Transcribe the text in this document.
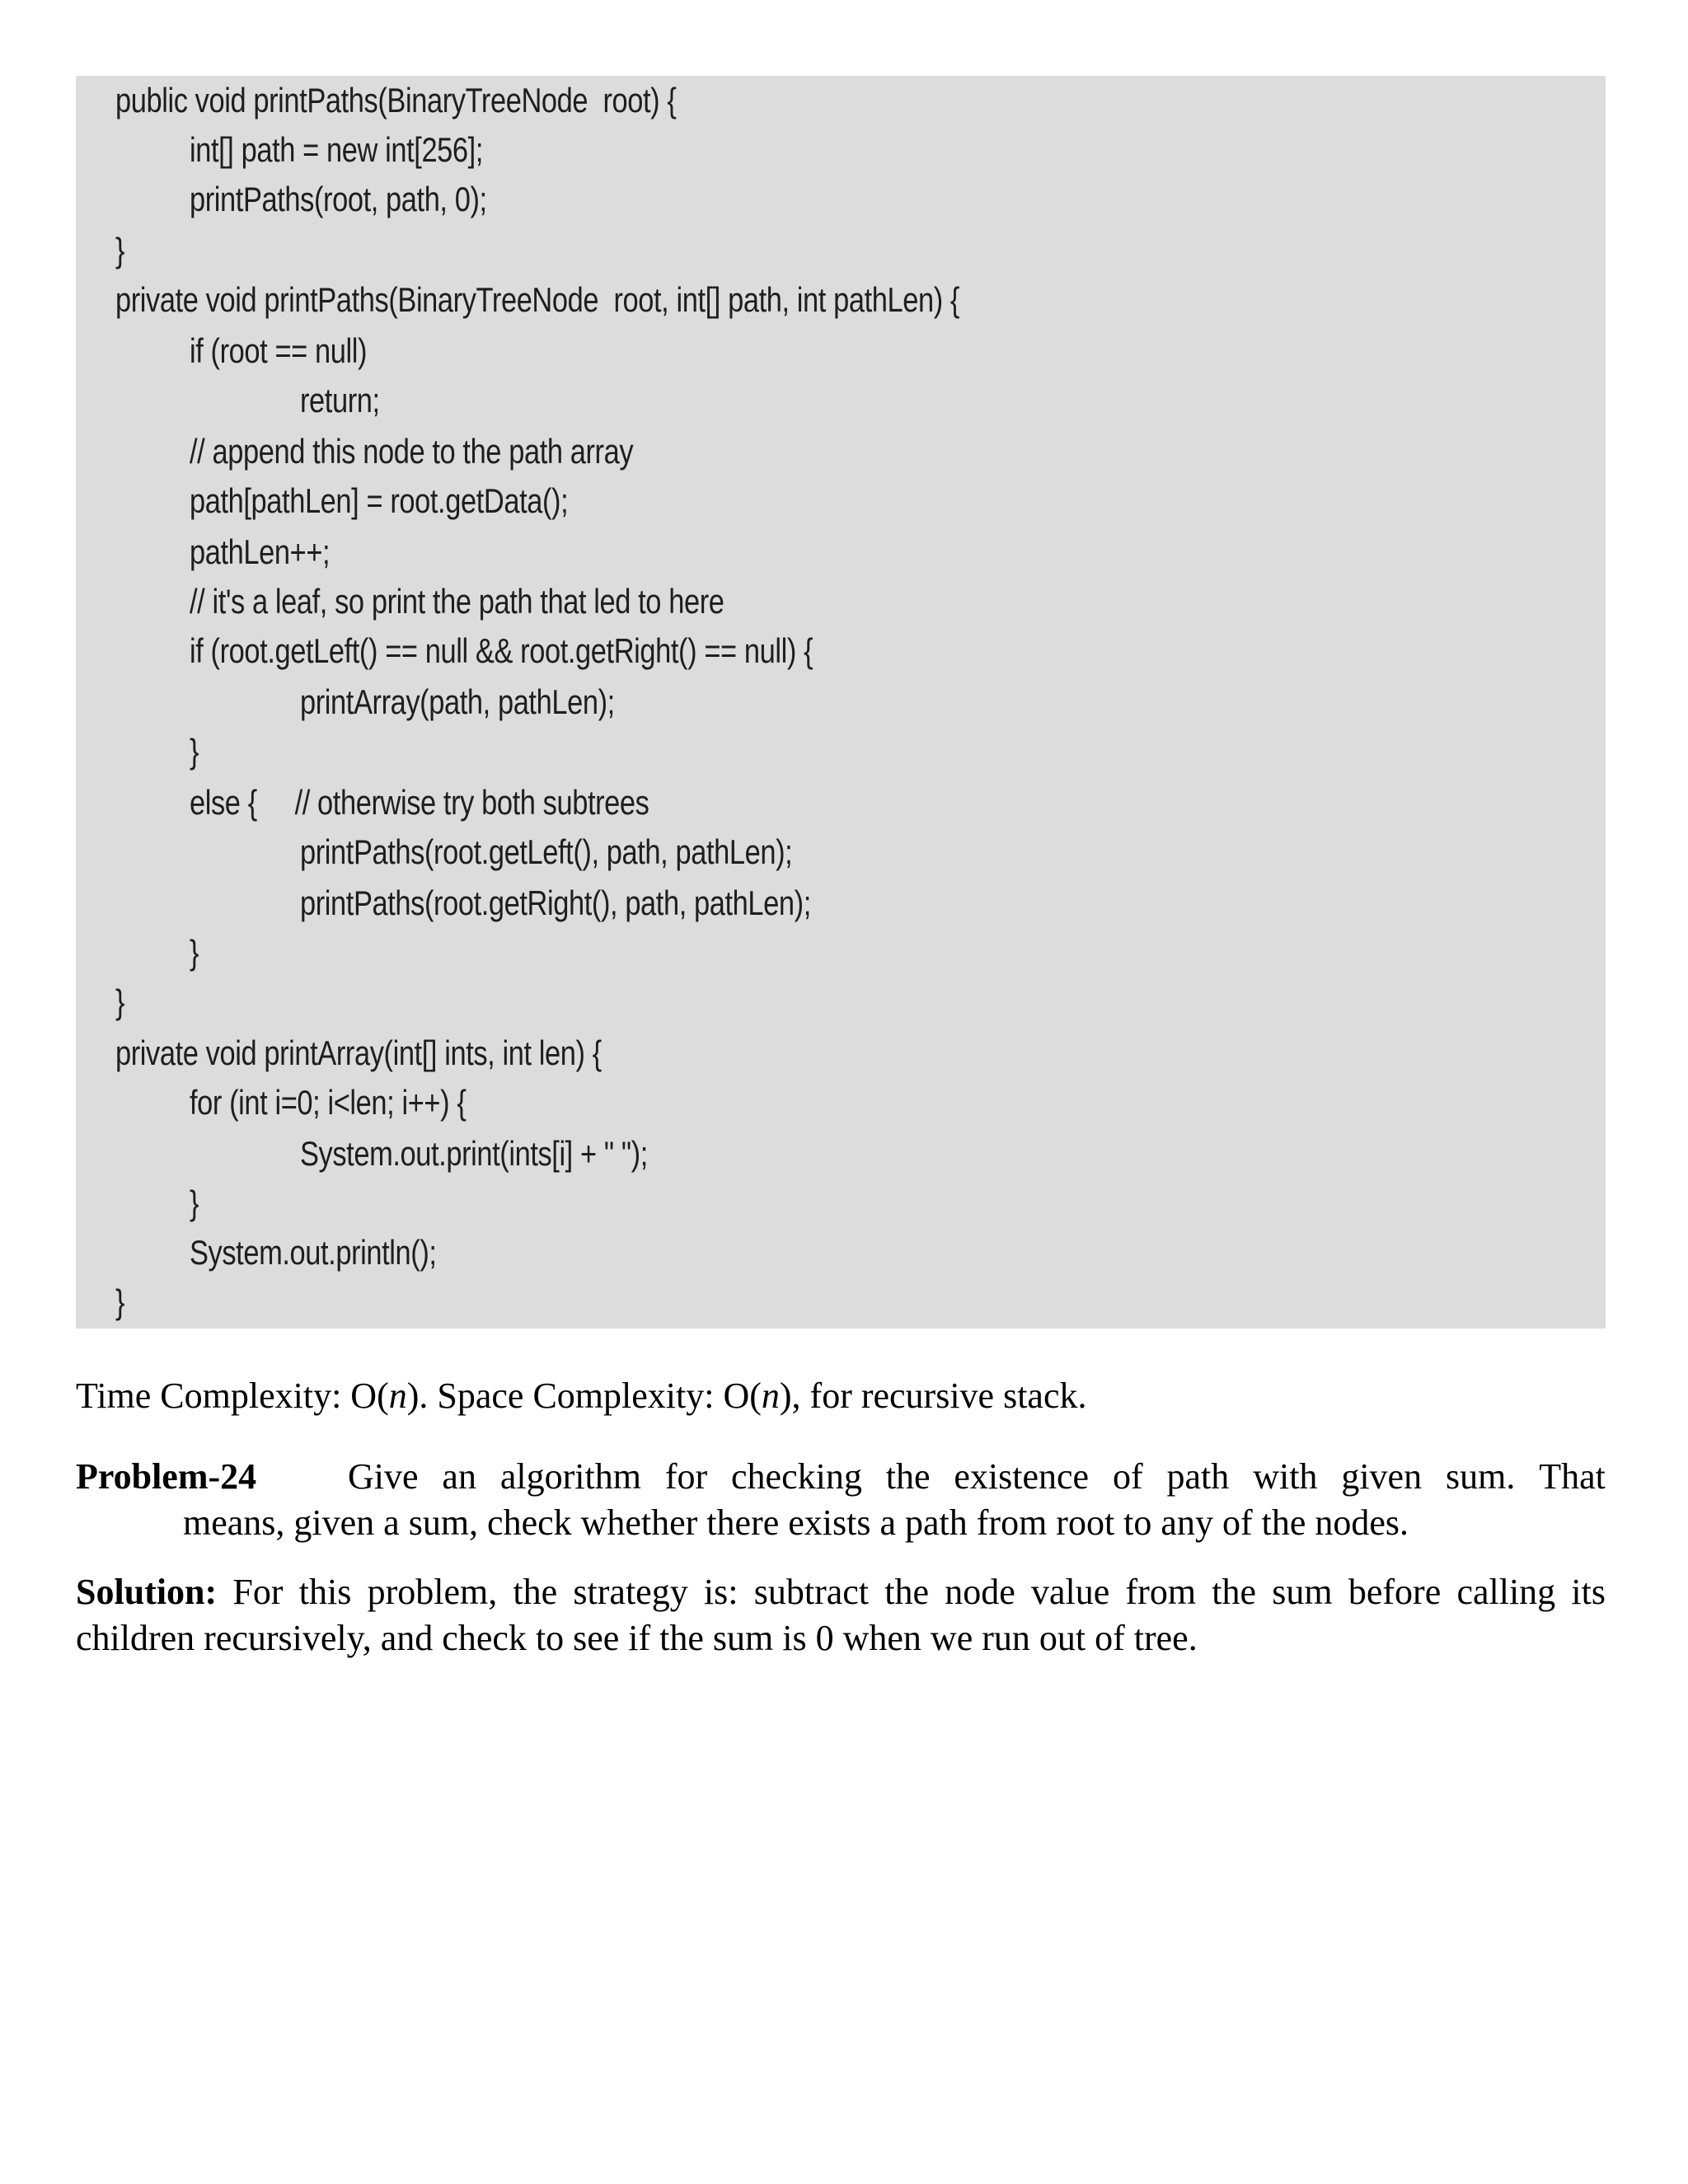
public void printPaths(BinaryTreeNode  root) {
int[] path = new int[256];
printPaths(root, path, 0);
}
private void printPaths(BinaryTreeNode  root, int[] path, int pathLen) {
if (root == null)
return;
// append this node to the path array
path[pathLen] = root.getData();
pathLen++;
// it's a leaf, so print the path that led to here
if (root.getLeft() == null && root.getRight() == null) {
printArray(path, pathLen);
}
else {     // otherwise try both subtrees
printPaths(root.getLeft(), path, pathLen);
printPaths(root.getRight(), path, pathLen);
}
}
private void printArray(int[] ints, int len) {
for (int i=0; i<len; i++) {
System.out.print(ints[i] + " ");
}
System.out.println();
}
Time Complexity: O(n). Space Complexity: O(n), for recursive stack.
Problem-24	Give an algorithm for checking the existence of path with given sum. That
means, given a sum, check whether there exists a path from root to any of the nodes.
Solution: For this problem, the strategy is: subtract the node value from the sum before calling its children recursively, and check to see if the sum is 0 when we run out of tree.
